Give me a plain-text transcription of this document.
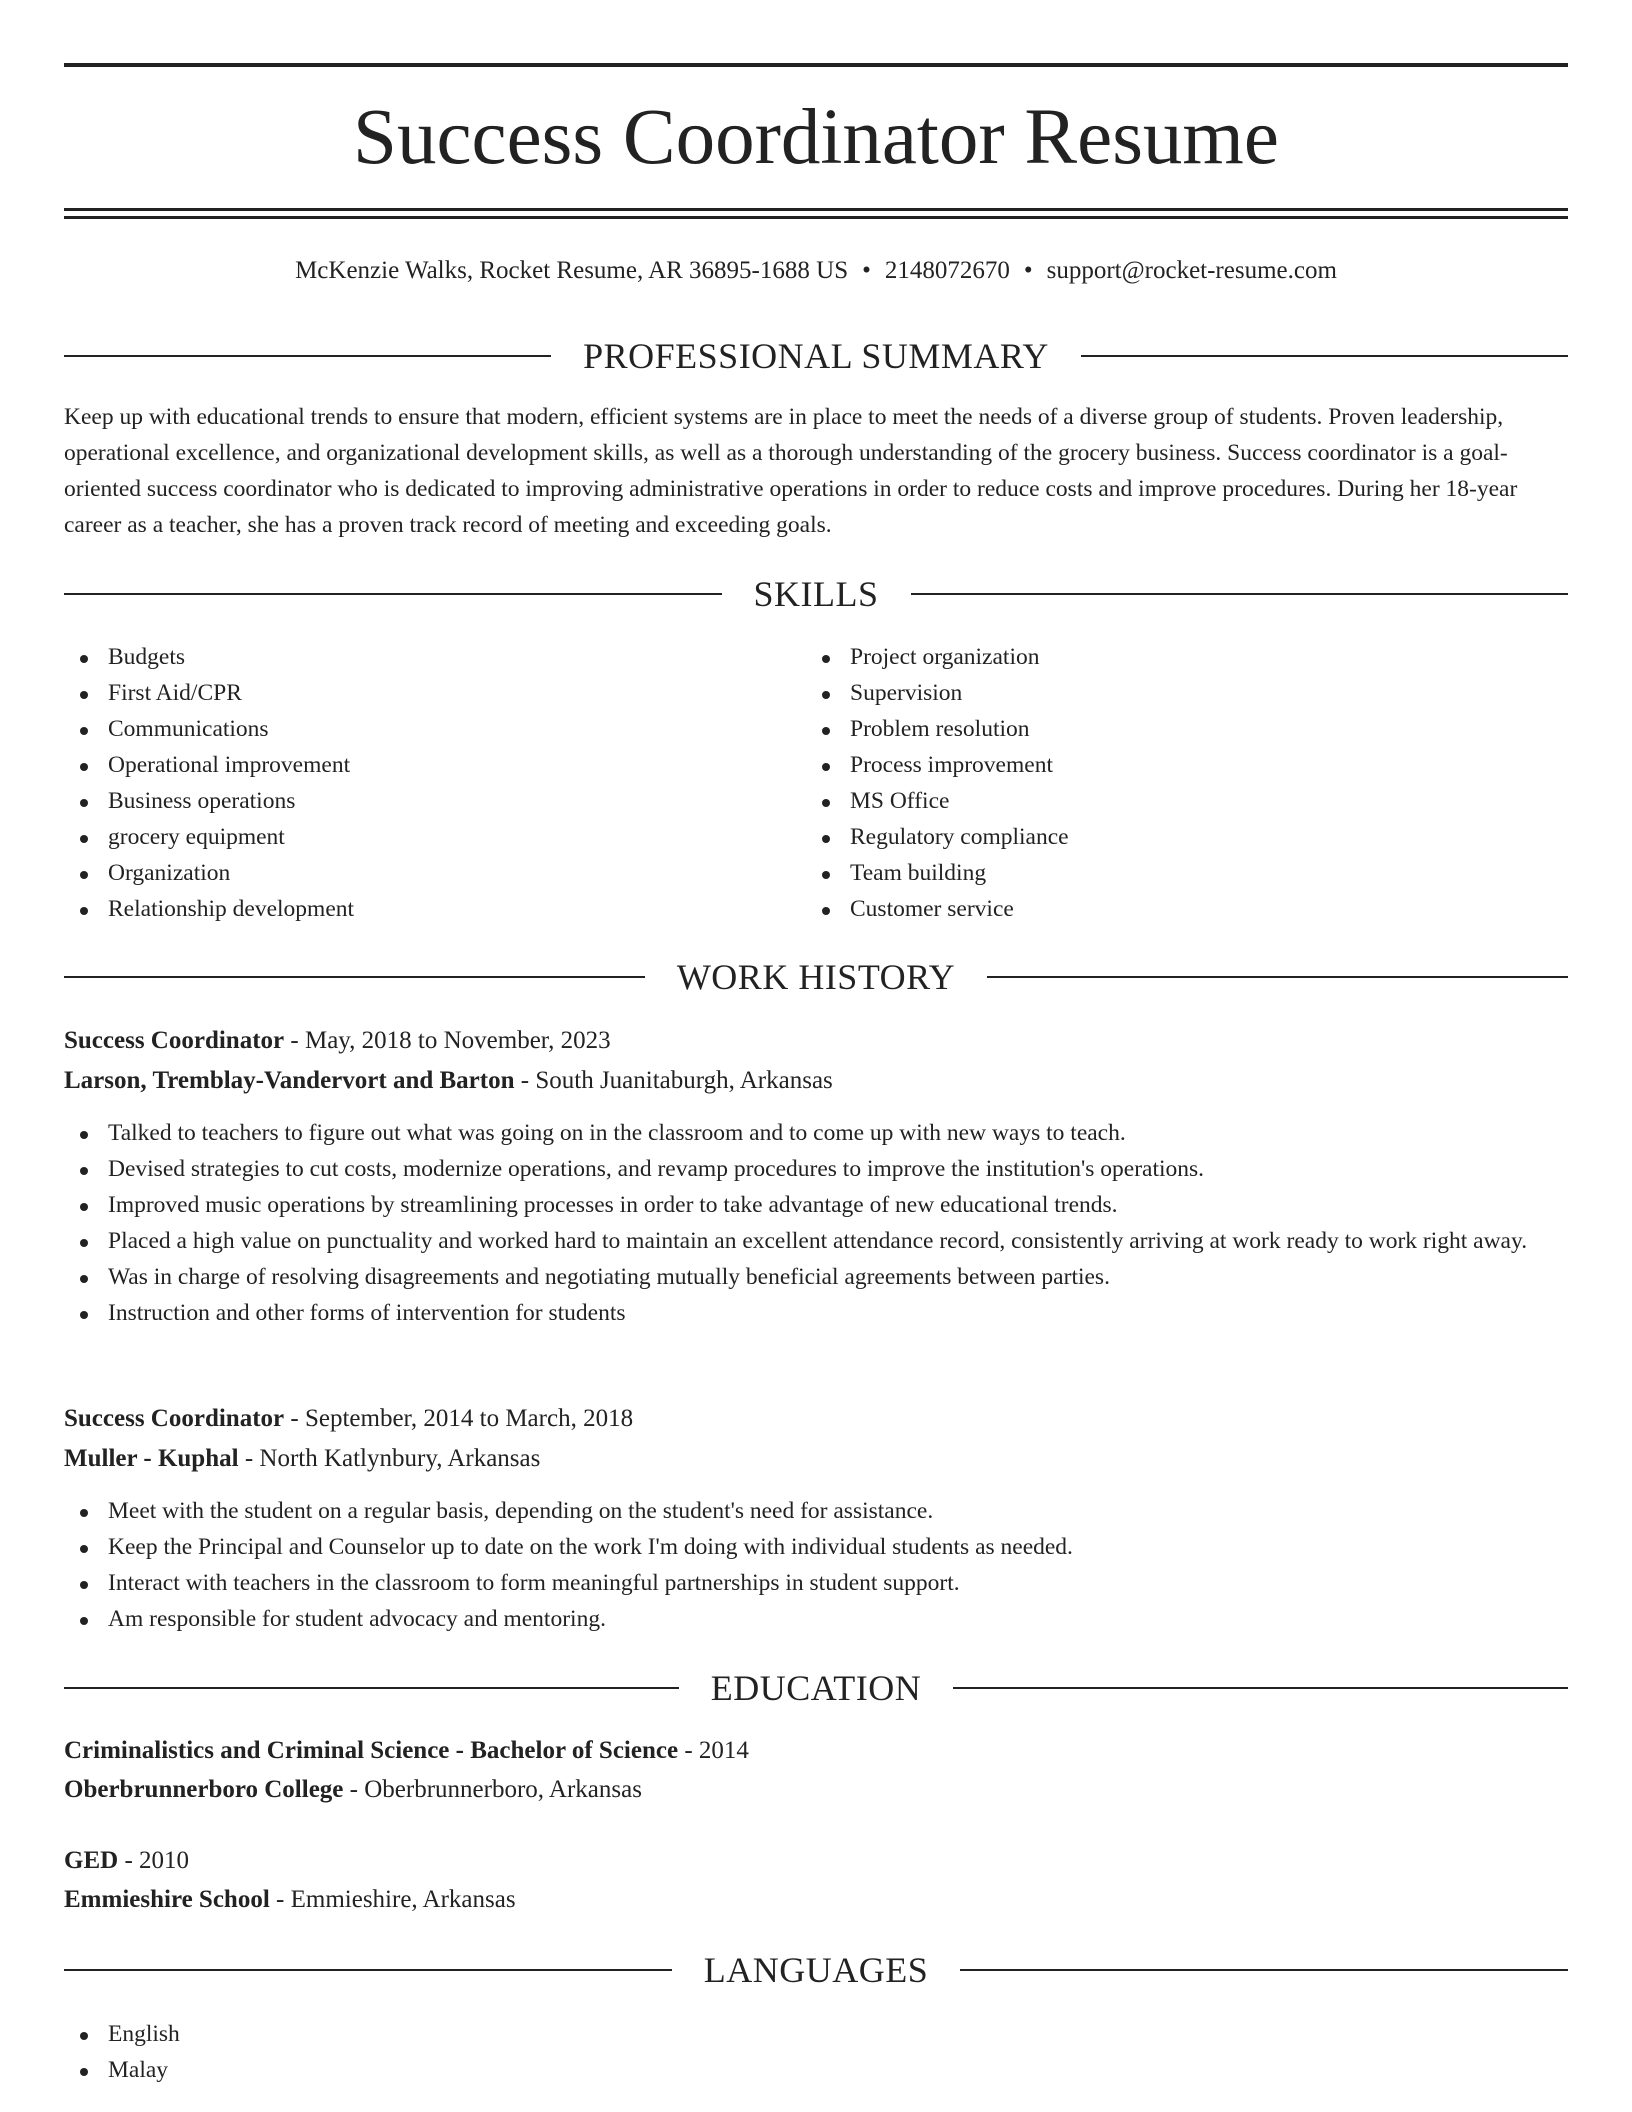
Success Coordinator Resume
McKenzie Walks, Rocket Resume, AR 36895-1688 US • 2148072670 • support@rocket-resume.com
PROFESSIONAL SUMMARY

Keep up with educational trends to ensure that modern, efficient systems are in place to meet the needs of a diverse group of students. Proven leadership, operational excellence, and organizational development skills, as well as a thorough understanding of the grocery business. Success coordinator is a goal-oriented success coordinator who is dedicated to improving administrative operations in order to reduce costs and improve procedures. During her 18-year career as a teacher, she has a proven track record of meeting and exceeding goals.

SKILLS
Budgets
First Aid/CPR
Communications
Operational improvement
Business operations
grocery equipment
Organization
Relationship development
Project organization
Supervision
Problem resolution
Process improvement
MS Office
Regulatory compliance
Team building
Customer service
WORK HISTORY
Success Coordinator - May, 2018 to November, 2023
Larson, Tremblay-Vandervort and Barton - South Juanitaburgh, Arkansas
Talked to teachers to figure out what was going on in the classroom and to come up with new ways to teach.
Devised strategies to cut costs, modernize operations, and revamp procedures to improve the institution's operations.
Improved music operations by streamlining processes in order to take advantage of new educational trends.
Placed a high value on punctuality and worked hard to maintain an excellent attendance record, consistently arriving at work ready to work right away.
Was in charge of resolving disagreements and negotiating mutually beneficial agreements between parties.
Instruction and other forms of intervention for students
Success Coordinator - September, 2014 to March, 2018
Muller - Kuphal - North Katlynbury, Arkansas
Meet with the student on a regular basis, depending on the student's need for assistance.
Keep the Principal and Counselor up to date on the work I'm doing with individual students as needed.
Interact with teachers in the classroom to form meaningful partnerships in student support.
Am responsible for student advocacy and mentoring.
EDUCATION
Criminalistics and Criminal Science - Bachelor of Science - 2014
Oberbrunnerboro College - Oberbrunnerboro, Arkansas
GED - 2010
Emmieshire School - Emmieshire, Arkansas
LANGUAGES
English
Malay
